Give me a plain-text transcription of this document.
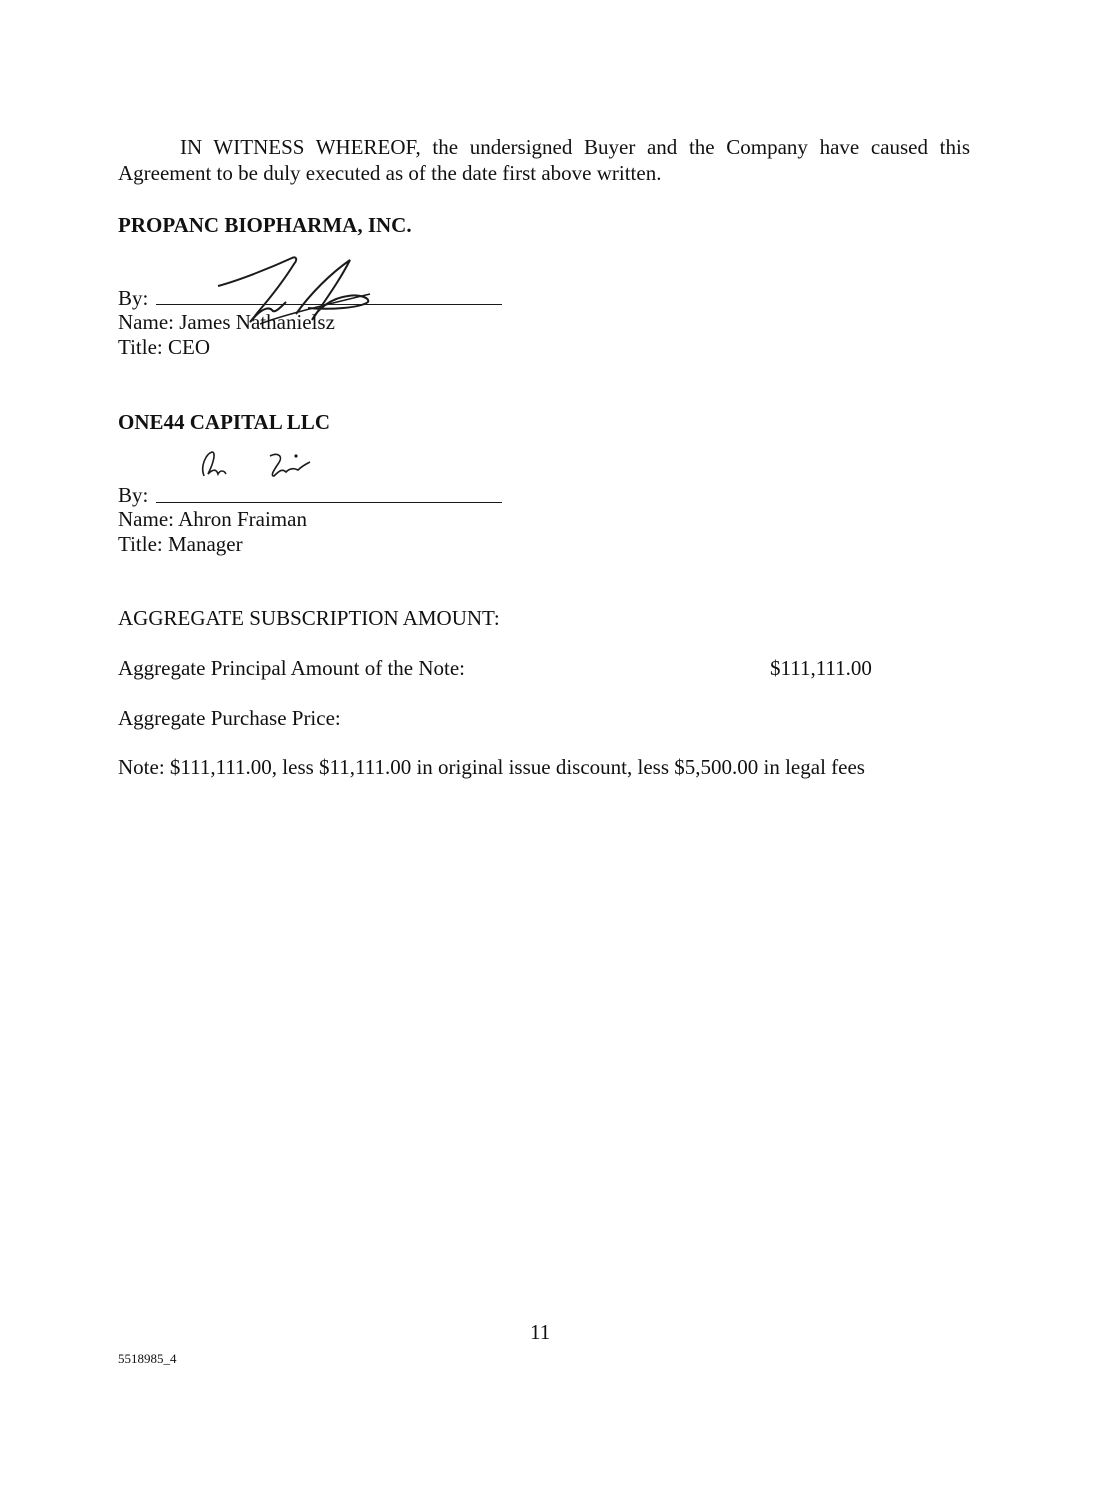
IN WITNESS WHEREOF, the undersigned Buyer and the Company have caused this Agreement to be duly executed as of the date first above written.
PROPANC BIOPHARMA, INC.
By:
Name: James Nathanielsz
Title: CEO
ONE44 CAPITAL LLC
By:
Name: Ahron Fraiman
Title: Manager
AGGREGATE SUBSCRIPTION AMOUNT:
Aggregate Principal Amount of the Note:	$111,111.00
Aggregate Purchase Price:
Note: $111,111.00, less $11,111.00 in original issue discount, less $5,500.00 in legal fees
11
5518985_4
